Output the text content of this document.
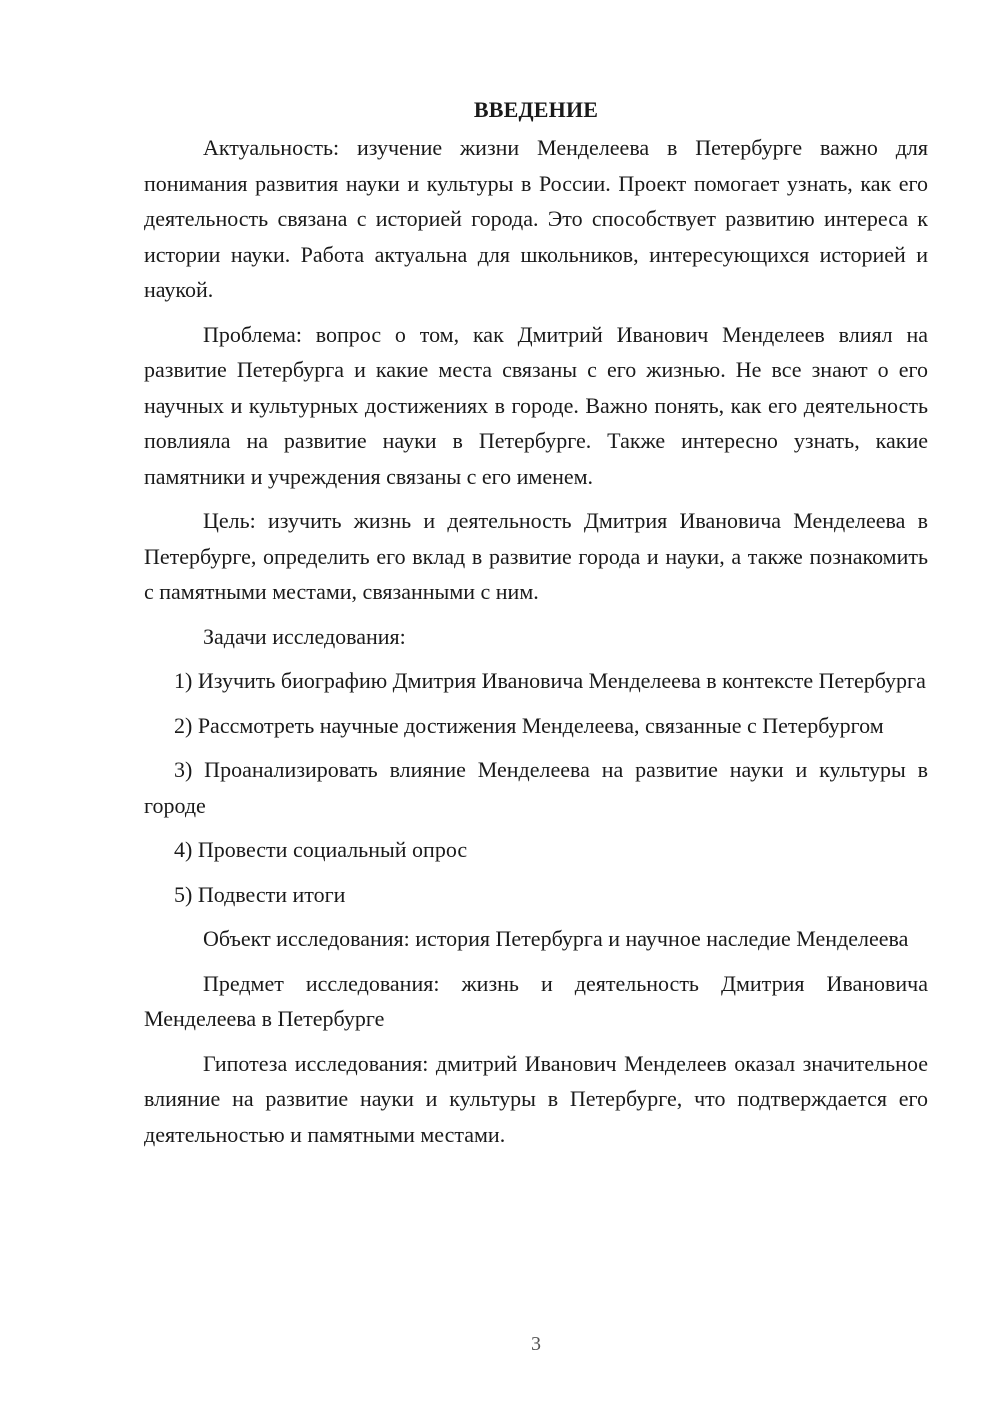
ВВЕДЕНИЕ

Актуальность: изучение жизни Менделеева в Петербурге важно для понимания развития науки и культуры в России. Проект помогает узнать, как его деятельность связана с историей города. Это способствует развитию интереса к истории науки. Работа актуальна для школьников, интересующихся историей и наукой.

Проблема: вопрос о том, как Дмитрий Иванович Менделеев влиял на развитие Петербурга и какие места связаны с его жизнью. Не все знают о его научных и культурных достижениях в городе. Важно понять, как его деятельность повлияла на развитие науки в Петербурге. Также интересно узнать, какие памятники и учреждения связаны с его именем.

Цель: изучить жизнь и деятельность Дмитрия Ивановича Менделеева в Петербурге, определить его вклад в развитие города и науки, а также познакомить с памятными местами, связанными с ним.

Задачи исследования:

1) Изучить биографию Дмитрия Ивановича Менделеева в контексте Петербурга

2) Рассмотреть научные достижения Менделеева, связанные с Петербургом

3) Проанализировать влияние Менделеева на развитие науки и культуры в городе

4) Провести социальный опрос

5) Подвести итоги

Объект исследования: история Петербурга и научное наследие Менделеева

Предмет исследования: жизнь и деятельность Дмитрия Ивановича Менделеева в Петербурге

Гипотеза исследования: дмитрий Иванович Менделеев оказал значительное влияние на развитие науки и культуры в Петербурге, что подтверждается его деятельностью и памятными местами.

3
